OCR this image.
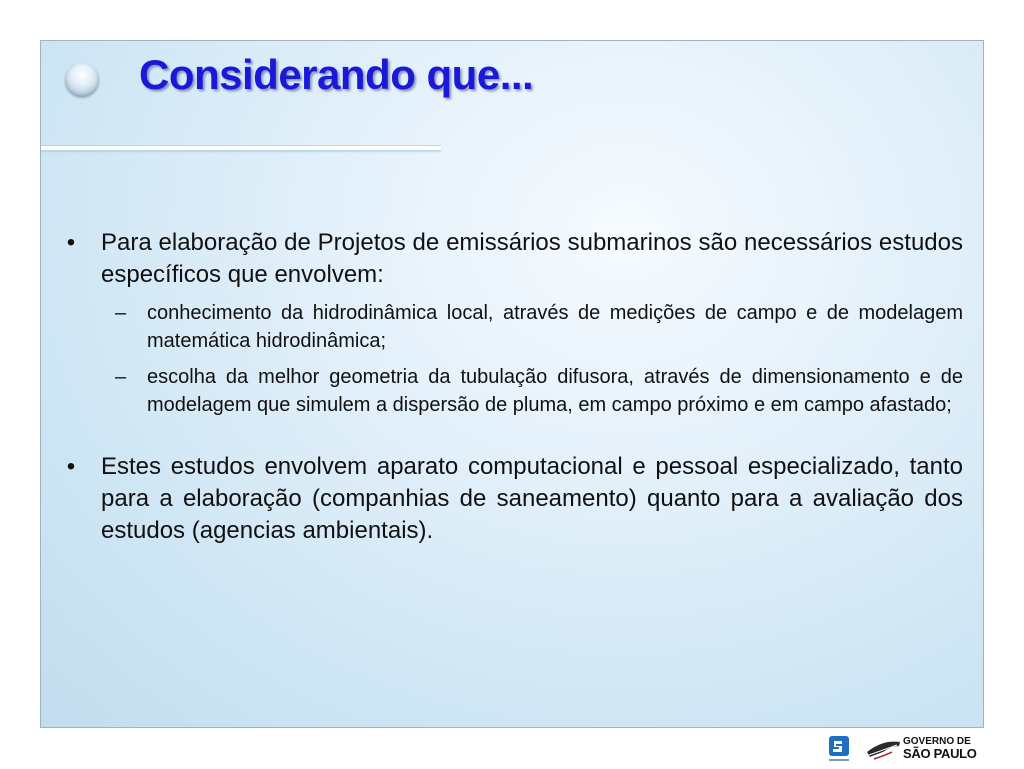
Considerando que...
• Para elaboração de Projetos de emissários submarinos são necessários estudos específicos que envolvem:
– conhecimento da hidrodinâmica local, através de medições de campo e de modelagem matemática hidrodinâmica;
– escolha da melhor geometria da tubulação difusora, através de dimensionamento e de modelagem que simulem a dispersão de pluma, em campo próximo e em campo afastado;
• Estes estudos envolvem aparato computacional e pessoal especializado, tanto para a elaboração (companhias de saneamento) quanto para a avaliação dos estudos (agencias ambientais).
GOVERNO DE
SÃO PAULO
